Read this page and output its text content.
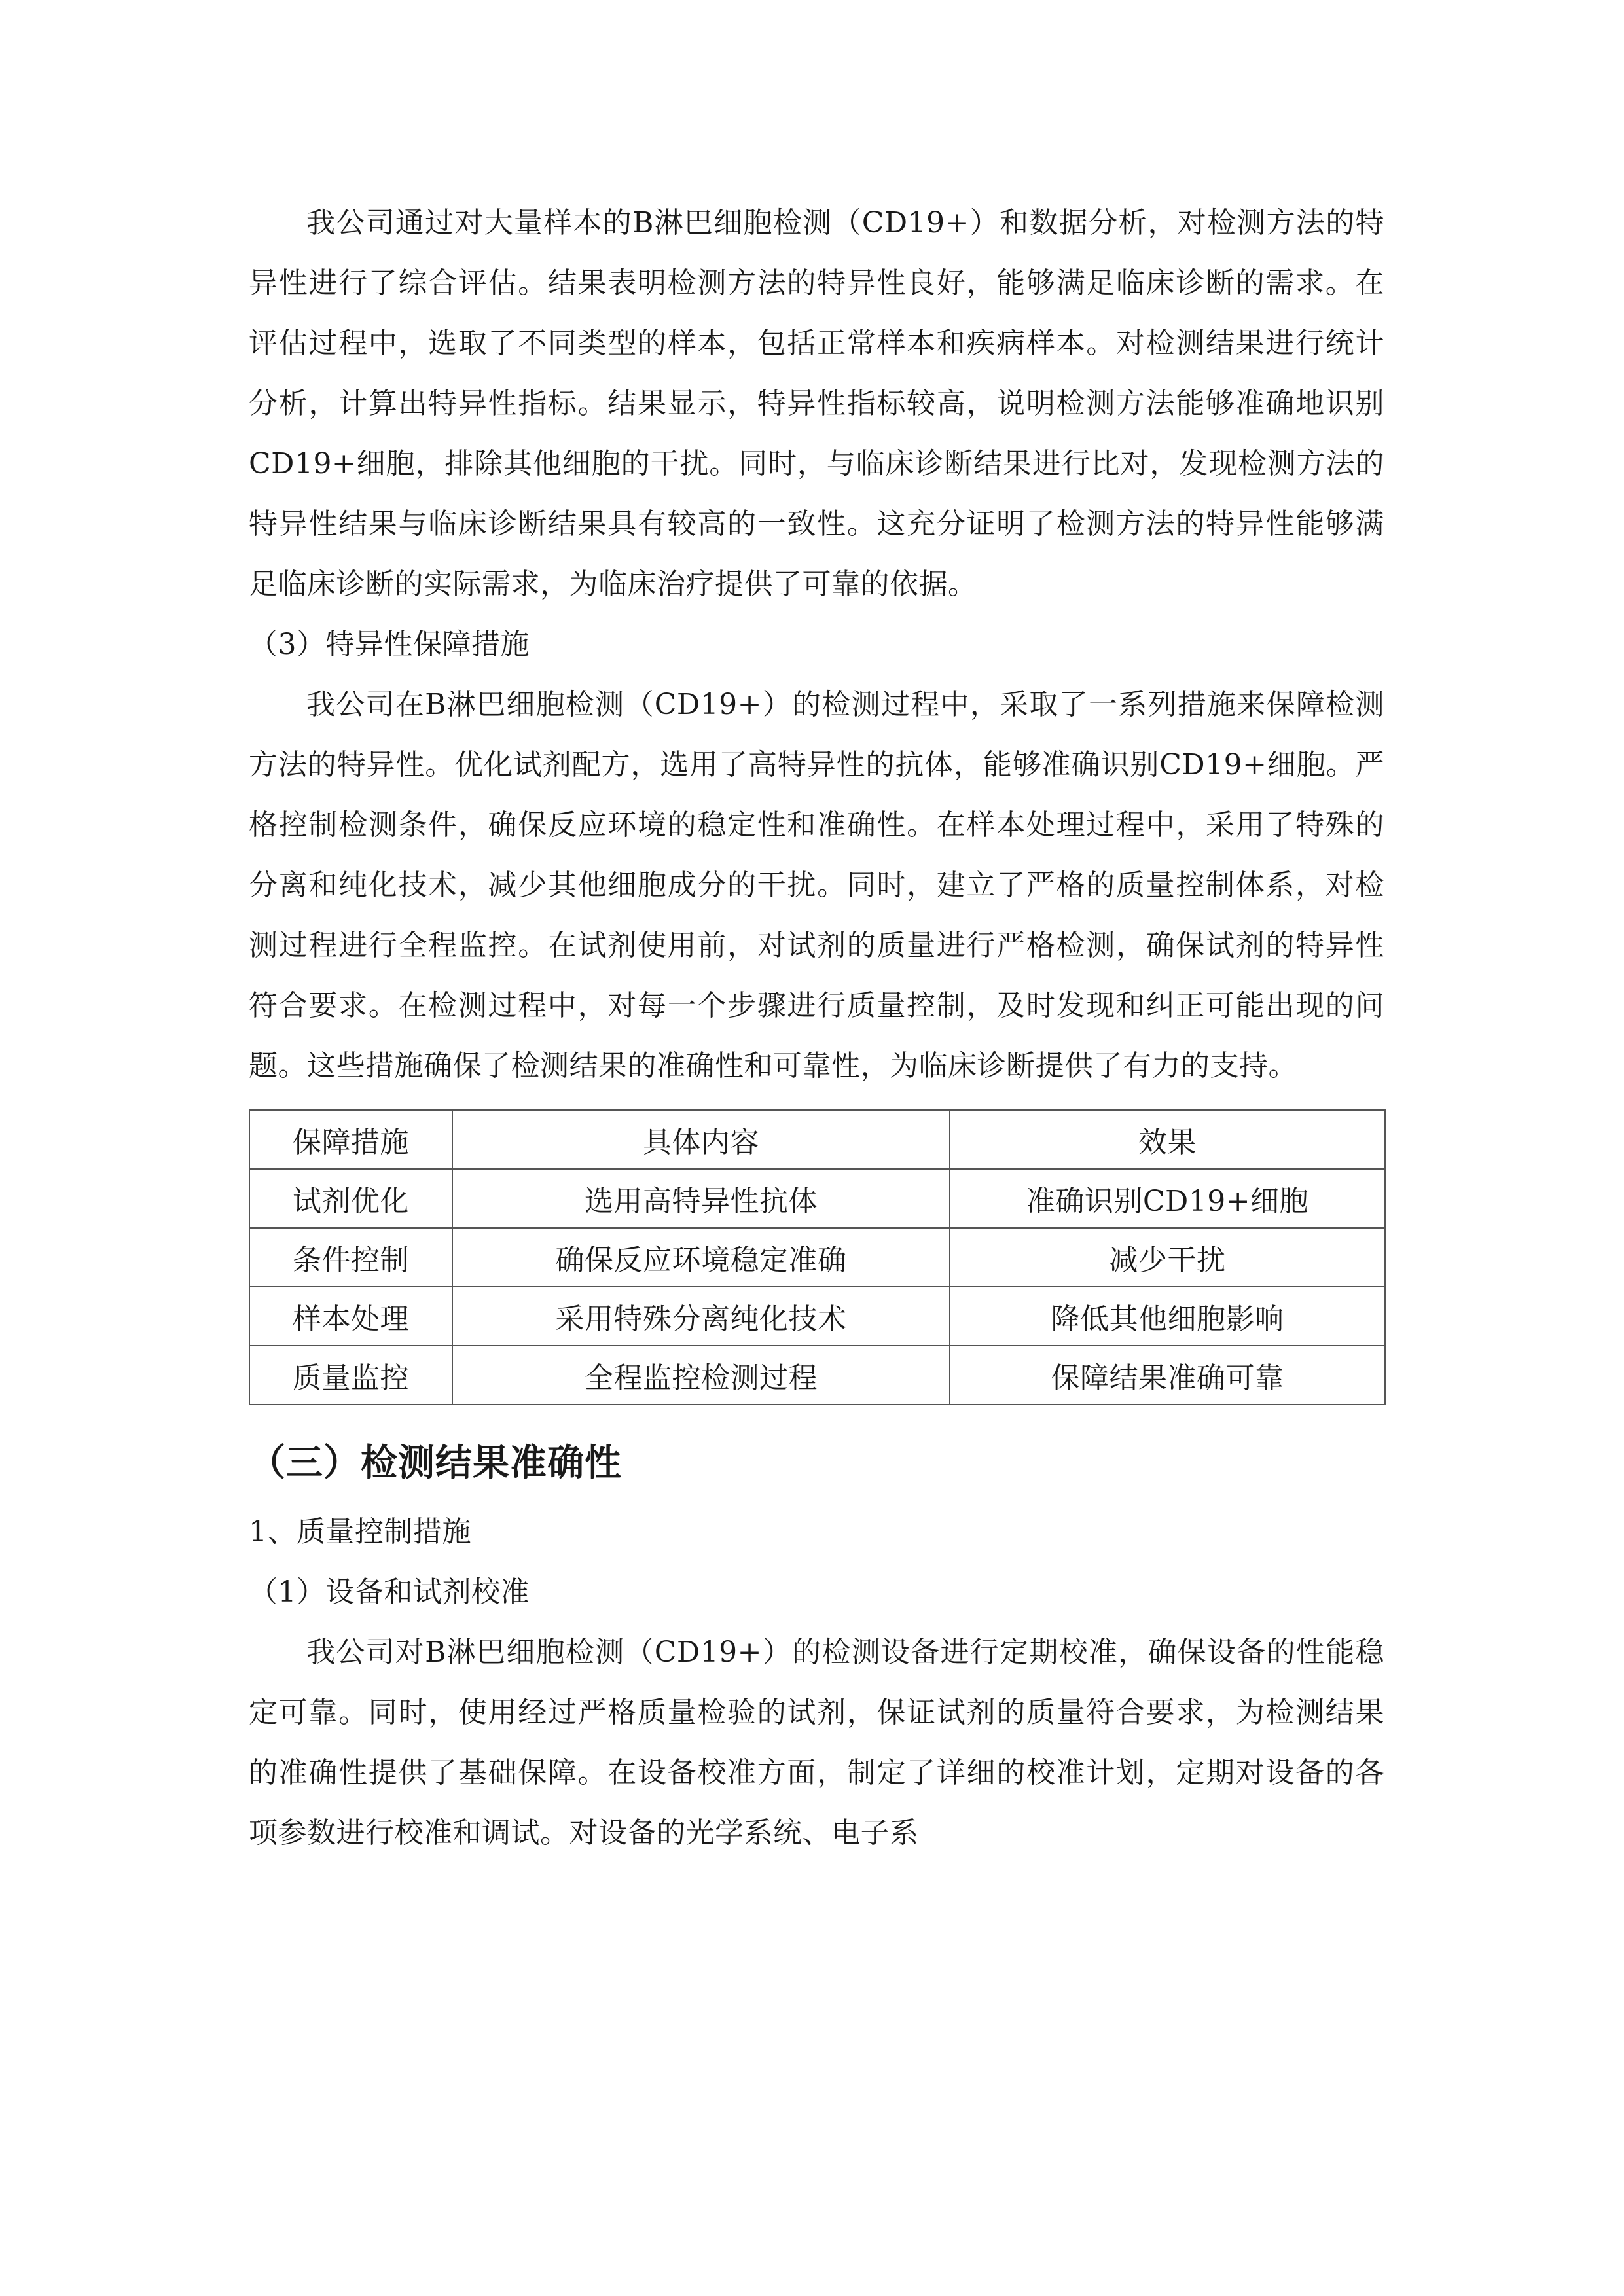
我公司通过对大量样本的B淋巴细胞检测（CD19+）和数据分析，对检测方法的特异性进行了综合评估。结果表明检测方法的特异性良好，能够满足临床诊断的需求。在评估过程中，选取了不同类型的样本，包括正常样本和疾病样本。对检测结果进行统计分析，计算出特异性指标。结果显示，特异性指标较高，说明检测方法能够准确地识别CD19+细胞，排除其他细胞的干扰。同时，与临床诊断结果进行比对，发现检测方法的特异性结果与临床诊断结果具有较高的一致性。这充分证明了检测方法的特异性能够满足临床诊断的实际需求，为临床治疗提供了可靠的依据。

（3）特异性保障措施

我公司在B淋巴细胞检测（CD19+）的检测过程中，采取了一系列措施来保障检测方法的特异性。优化试剂配方，选用了高特异性的抗体，能够准确识别CD19+细胞。严格控制检测条件，确保反应环境的稳定性和准确性。在样本处理过程中，采用了特殊的分离和纯化技术，减少其他细胞成分的干扰。同时，建立了严格的质量控制体系，对检测过程进行全程监控。在试剂使用前，对试剂的质量进行严格检测，确保试剂的特异性符合要求。在检测过程中，对每一个步骤进行质量控制，及时发现和纠正可能出现的问题。这些措施确保了检测结果的准确性和可靠性，为临床诊断提供了有力的支持。

保障措施	具体内容	效果
试剂优化	选用高特异性抗体	准确识别CD19+细胞
条件控制	确保反应环境稳定准确	减少干扰
样本处理	采用特殊分离纯化技术	降低其他细胞影响
质量监控	全程监控检测过程	保障结果准确可靠
（三）检测结果准确性

1、质量控制措施

（1）设备和试剂校准

我公司对B淋巴细胞检测（CD19+）的检测设备进行定期校准，确保设备的性能稳定可靠。同时，使用经过严格质量检验的试剂，保证试剂的质量符合要求，为检测结果的准确性提供了基础保障。在设备校准方面，制定了详细的校准计划，定期对设备的各项参数进行校准和调试。对设备的光学系统、电子系
